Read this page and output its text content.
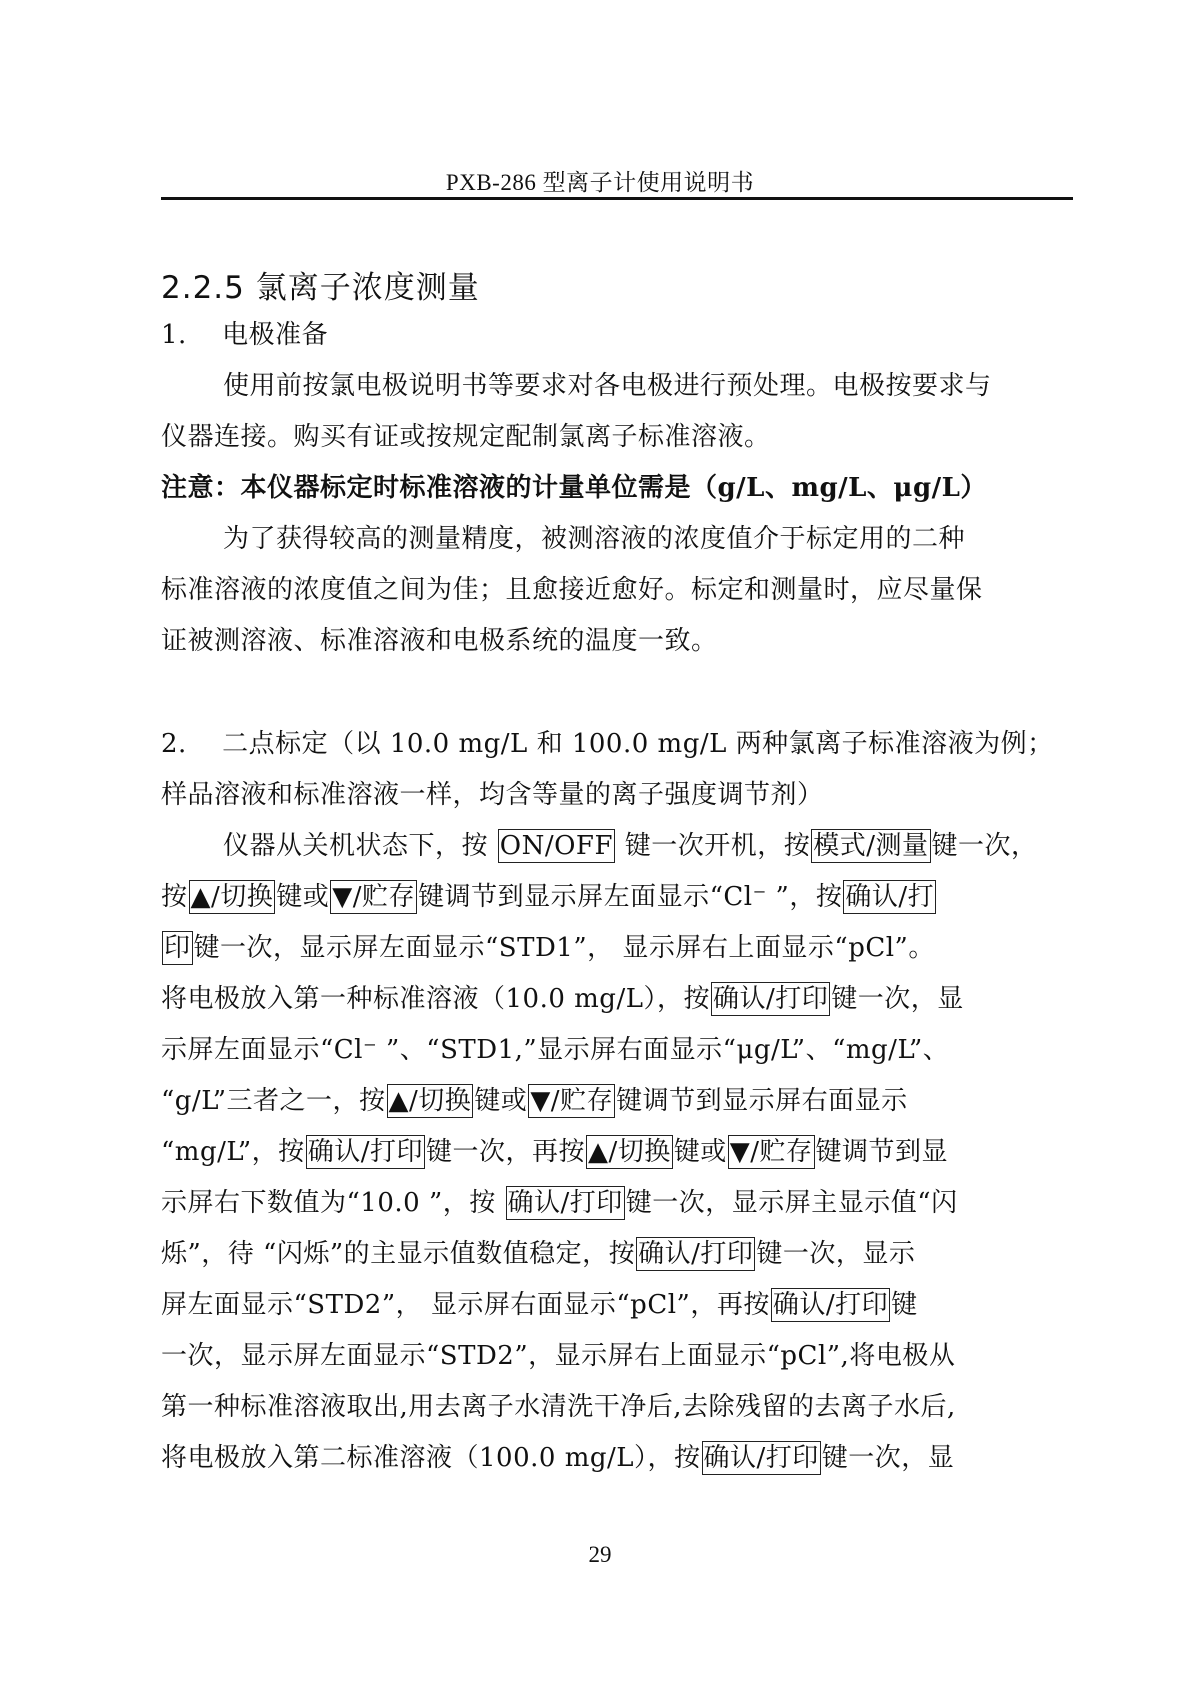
PXB-286 型离子计使用说明书
2.2.5 氯离子浓度测量
1.　 电极准备
使用前按氯电极说明书等要求对各电极进行预处理。电极按要求与
仪器连接。购买有证或按规定配制氯离子标准溶液。
注意：本仪器标定时标准溶液的计量单位需是（g/L、mg/L、μg/L）
为了获得较高的测量精度，被测溶液的浓度值介于标定用的二种
标准溶液的浓度值之间为佳；且愈接近愈好。标定和测量时，应尽量保
证被测溶液、标准溶液和电极系统的温度一致。
2.　 二点标定（以 10.0 mg/L 和 100.0 mg/L 两种氯离子标准溶液为例；
样品溶液和标准溶液一样，均含等量的离子强度调节剂）
仪器从关机状态下，按 ON/OFF 键一次开机，按 模式/测量 键一次，
按 ▲/切换 键或 ▼/贮存 键调节到显示屏左面显示“Cl⁻ ”，按 确认/打
印 键一次，显示屏左面显示“STD1”， 显示屏右上面显示“pCl”。
将电极放入第一种标准溶液（10.0 mg/L），按 确认/打印 键一次，显
示屏左面显示“Cl⁻ ”、“STD1,”显示屏右面显示“μg/L”、“mg/L”、
“g/L”三者之一，按 ▲/切换 键或 ▼/贮存 键调节到显示屏右面显示
“mg/L”，按 确认/打印 键一次，再按 ▲/切换 键或 ▼/贮存 键调节到显
示屏右下数值为“10.0 ”，按 确认/打印 键一次，显示屏主显示值“闪
烁”，待 “闪烁”的主显示值数值稳定，按确认/打印 键一次，显示
屏左面显示“STD2”， 显示屏右面显示“pCl”，再按确认/打印 键
一次，显示屏左面显示“STD2”，显示屏右上面显示“pCl”,将电极从
第一种标准溶液取出,用去离子水清洗干净后,去除残留的去离子水后,
将电极放入第二标准溶液（100.0 mg/L），按确认/打印 键一次，显
29
